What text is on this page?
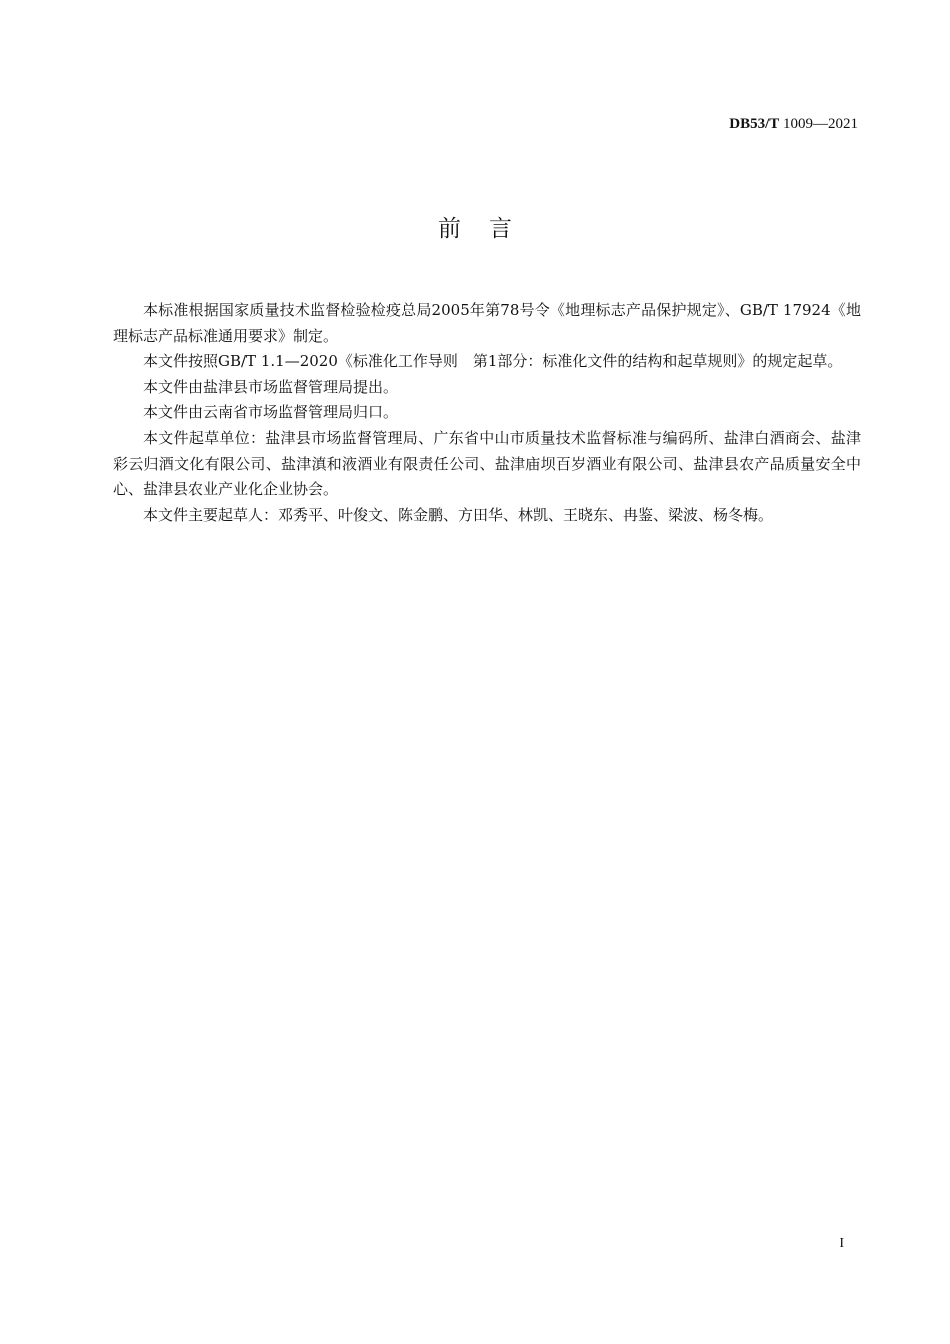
DB53/T 1009—2021
前言

本标准根据国家质量技术监督检验检疫总局2005年第78号令《地理标志产品保护规定》、GB/T 17924《地理标志产品标准通用要求》制定。

本文件按照GB/T 1.1—2020《标准化工作导则　第1部分：标准化文件的结构和起草规则》的规定起草。

本文件由盐津县市场监督管理局提出。

本文件由云南省市场监督管理局归口。

本文件起草单位：盐津县市场监督管理局、广东省中山市质量技术监督标准与编码所、盐津白酒商会、盐津彩云归酒文化有限公司、盐津滇和液酒业有限责任公司、盐津庙坝百岁酒业有限公司、盐津县农产品质量安全中心、盐津县农业产业化企业协会。

本文件主要起草人：邓秀平、叶俊文、陈金鹏、方田华、林凯、王晓东、冉鉴、梁波、杨冬梅。

I
